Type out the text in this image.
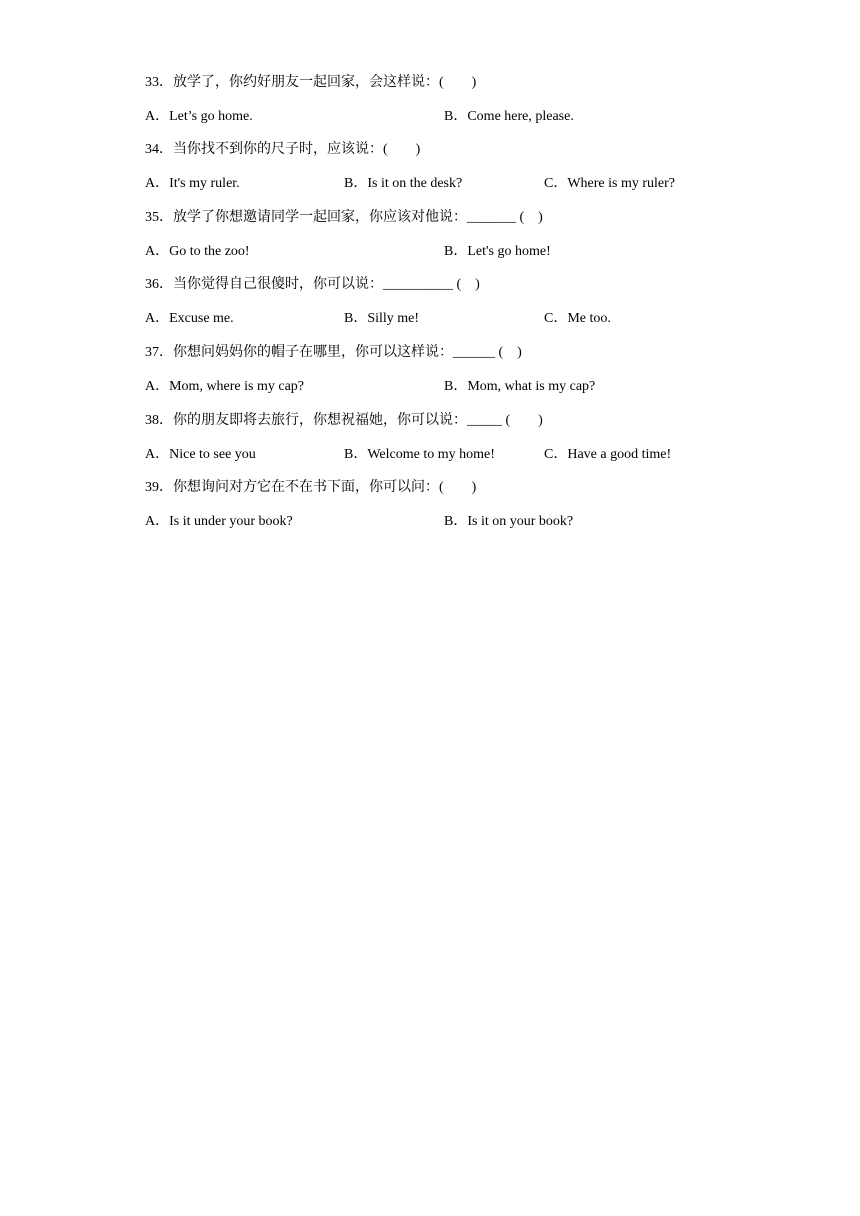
33．放学了，你约好朋友一起回家，会这样说：(　　)
A．Let’s go home.	B．Come here, please.
34．当你找不到你的尺子时，应该说：(　　)
A．It's my ruler.	B．Is it on the desk?	C．Where is my ruler?
35．放学了你想邀请同学一起回家，你应该对他说：_______ (　)
A．Go to the zoo!	B．Let's go home!
36．当你觉得自己很傻时，你可以说：__________ (　)
A．Excuse me.	B．Silly me!	C．Me too.
37．你想问妈妈你的帽子在哪里，你可以这样说：______ (　)
A．Mom, where is my cap?	B．Mom, what is my cap?
38．你的朋友即将去旅行，你想祝福她，你可以说：_____ (　　)
A．Nice to see you	B．Welcome to my home!	C．Have a good time!
39．你想询问对方它在不在书下面，你可以问：(　　)
A．Is it under your book?	B．Is it on your book?
